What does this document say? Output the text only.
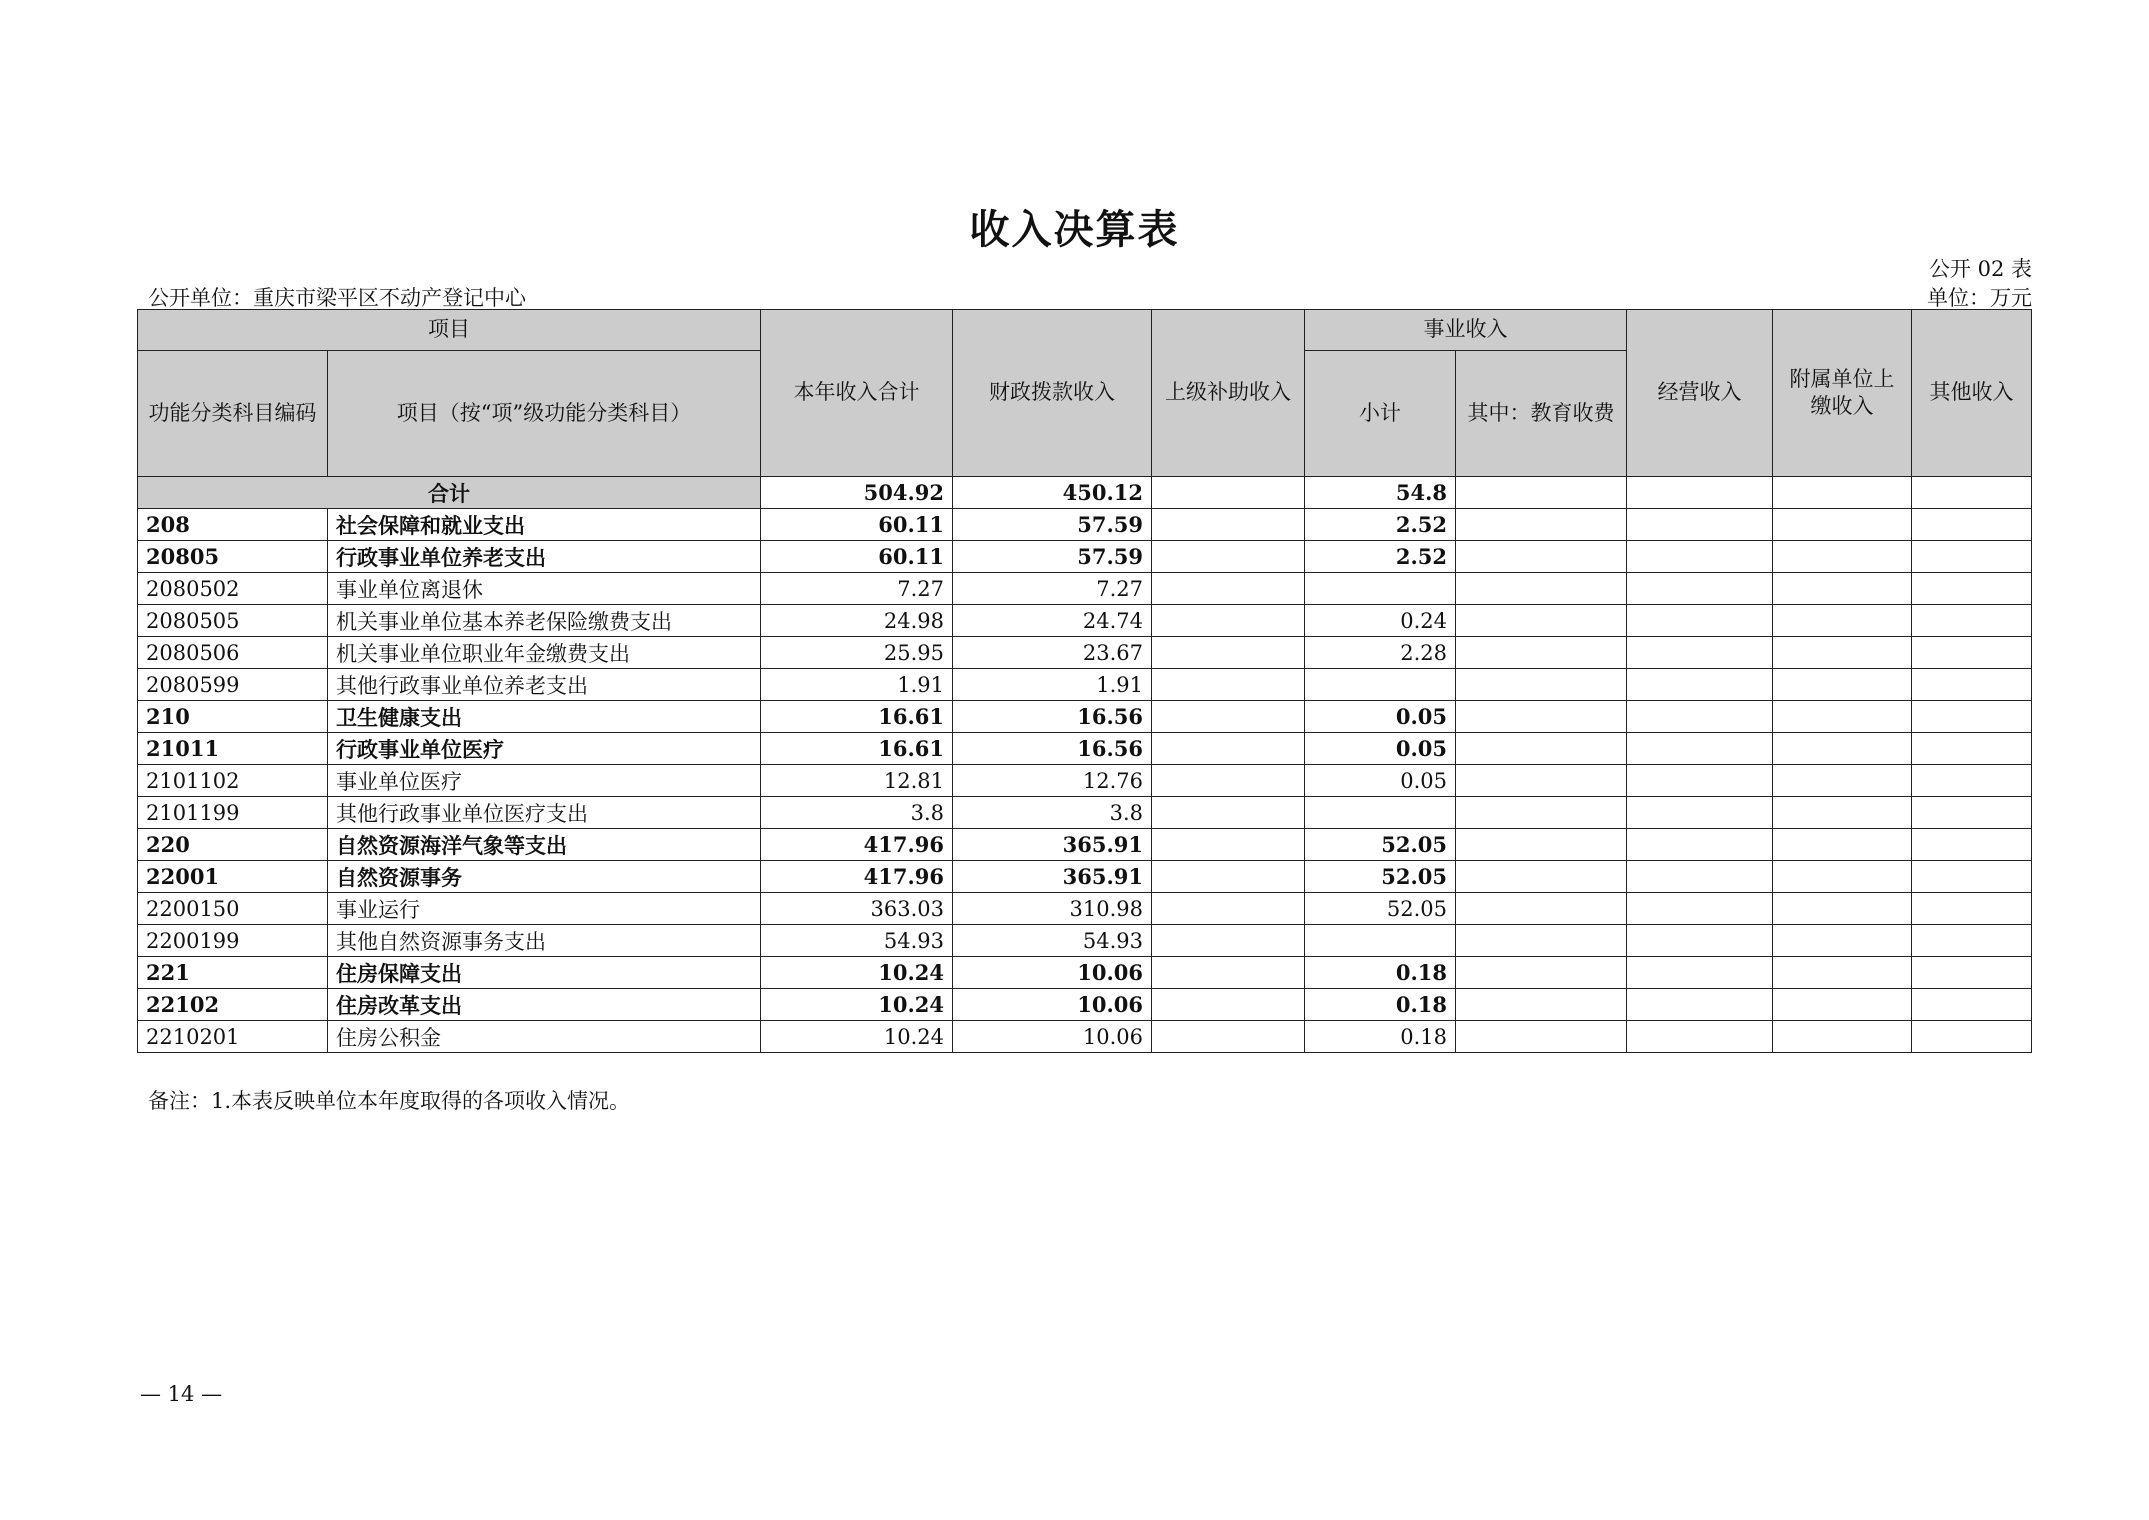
收入决算表
公开 02 表
公开单位：重庆市梁平区不动产登记中心	单位：万元
项目		本年收入合计	财政拨款收入	上级补助收入	事业收入		经营收入	附属单位上缴收入	其他收入
功能分类科目编码	项目（按“项”级功能分类科目）				小计	其中：教育收费			
合计		504.92	450.12		54.8				
208	社会保障和就业支出	60.11	57.59		2.52				
20805	行政事业单位养老支出	60.11	57.59		2.52				
2080502	事业单位离退休	7.27	7.27						
2080505	机关事业单位基本养老保险缴费支出	24.98	24.74		0.24				
2080506	机关事业单位职业年金缴费支出	25.95	23.67		2.28				
2080599	其他行政事业单位养老支出	1.91	1.91						
210	卫生健康支出	16.61	16.56		0.05				
21011	行政事业单位医疗	16.61	16.56		0.05				
2101102	事业单位医疗	12.81	12.76		0.05				
2101199	其他行政事业单位医疗支出	3.8	3.8						
220	自然资源海洋气象等支出	417.96	365.91		52.05				
22001	自然资源事务	417.96	365.91		52.05				
2200150	事业运行	363.03	310.98		52.05				
2200199	其他自然资源事务支出	54.93	54.93						
221	住房保障支出	10.24	10.06		0.18				
22102	住房改革支出	10.24	10.06		0.18				
2210201	住房公积金	10.24	10.06		0.18				
备注：1.本表反映单位本年度取得的各项收入情况。
— 14 —
